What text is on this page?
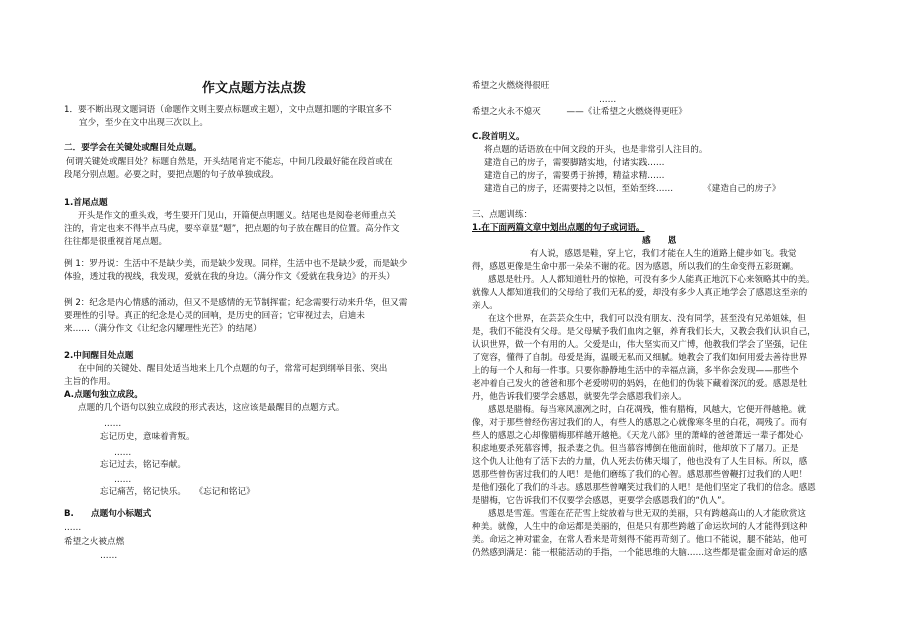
作文点题方法点拨
1．要不断出现文题词语（命题作文则主要点标题或主题），文中点题扣题的字眼宜多不
宜少，至少在文中出现三次以上。
二．要学会在关键处或醒目处点题。
何谓关键处或醒目处？标题自然是，开头结尾肯定不能忘，中间几段最好能在段首或在
段尾分别点题。必要之时，要把点题的句子放单独成段。
1.首尾点题
开头是作文的重头戏，考生要开门见山，开篇便点明题义。结尾也是阅卷老师重点关
注的，肯定也来不得半点马虎，要卒章显“题”，把点题的句子放在醒目的位置。高分作文
往往都是很重视首尾点题。
例 1：罗丹说：生活中不是缺少美，而是缺少发现。同样，生活中也不是缺少爱，而是缺少
体验，透过我的视线，我发现，爱就在我的身边。（满分作文《爱就在我身边》的开头）
例 2：纪念是内心情感的涌动，但又不是感情的无节制挥霍；纪念需要行动来升华，但又需
要理性的引导。真正的纪念是心灵的回响，是历史的回音；它审视过去，启迪未
来……（满分作文《让纪念闪耀理性光芒》的结尾）
2.中间醒目处点题
在中间的关键处、醒目处适当地来上几个点题的句子，常常可起到纲举目张、突出
主旨的作用。
A.点题句独立成段。
点题的几个语句以独立成段的形式表达，这应该是最醒目的点题方式。
……
忘记历史，意味着背叛。
……
忘记过去，铭记奉献。
……
忘记痛苦，铭记快乐。　　《忘记和铭记》
B.　　点题句小标题式
……
希望之火被点燃
……
希望之火燃烧得很旺
……
希望之火永不熄灭　　　——《让希望之火燃烧得更旺》
C.段首明义。
将点题的话语放在中间文段的开头，也是非常引人注目的。
建造自己的房子，需要脚踏实地，付诸实践……
建造自己的房子，需要勇于拚搏，精益求精……
建造自己的房子，还需要持之以恒，至始至终……　　　　《建造自己的房子》
三、点题训练：
1.在下面两篇文章中划出点题的句子或词语。
感　　恩
有人说，感恩是鞋，穿上它，我们才能在人生的道路上健步如飞。我觉
得，感恩更像是生命中那一朵朵不谢的花。因为感恩，所以我们的生命变得五彩斑斓。
感恩是牡丹。人人都知道牡丹的惊艳，可没有多少人能真正地沉下心来领略其中的美。
就像人人都知道我们的父母给了我们无私的爱，却没有多少人真正地学会了感恩这至亲的
亲人。
在这个世界，在芸芸众生中，我们可以没有朋友、没有同学，甚至没有兄弟姐妹，但
是，我们不能没有父母。是父母赋予我们血肉之躯，养育我们长大，又教会我们认识自己，
认识世界，做一个有用的人。父爱是山，伟大坚实而又广博，他教我们学会了坚强，记住
了宽容，懂得了自制。母爱是海，温暖无私而又细腻。她教会了我们如何用爱去善待世界
上的每一个人和每一件事。只要你静静地生活中的幸福点滴，多半你会发现——那些个
老冲着自己发火的爸爸和那个老爱唠叨的妈妈，在他们的伪装下藏着深沉的爱。感恩是牡
丹，他告诉我们要学会感恩，就要先学会感恩我们亲人。
感恩是腊梅。每当寒风凛冽之时，白花凋残，惟有腊梅，风越大，它便开得越艳。就
像，对于那些曾经伤害过我们的人，有些人的感恩之心就像寒冬里的白花，凋残了。而有
些人的感恩之心却像腊梅那样越开越艳。《天龙八部》里的萧峰的爸爸萧远一辈子都处心
积虑地要杀死慕容博，报杀妻之仇。但当慕容博倒在他面前时，他却放下了屠刀。正是
这个仇人让他有了活下去的力量，仇人死去仿佛天塌了，他也没有了人生目标。所以，感
恩那些曾伤害过我们的人吧！是他们磨练了我们的心智。感恩那些曾鞭打过我们的人吧！
是他们强化了我们的斗志。感恩那些曾嘲笑过我们的人吧！是他们坚定了我们的信念。感恩
是腊梅，它告诉我们不仅要学会感恩，更要学会感恩我们的“仇人”。
感恩是雪莲。雪莲在茫茫雪上绽放着与世无双的美丽，只有跨越高山的人才能欣赏这
种美。就像，人生中的命运都是美丽的，但是只有那些跨越了命运坎坷的人才能得到这种
美。命运之神对霍金，在常人看来是苛刻得不能再苛刻了。他口不能说，腿不能站，他可
仍然感到满足：能一根能活动的手指，一个能思维的大脑……这些都是霍金面对命运的感
